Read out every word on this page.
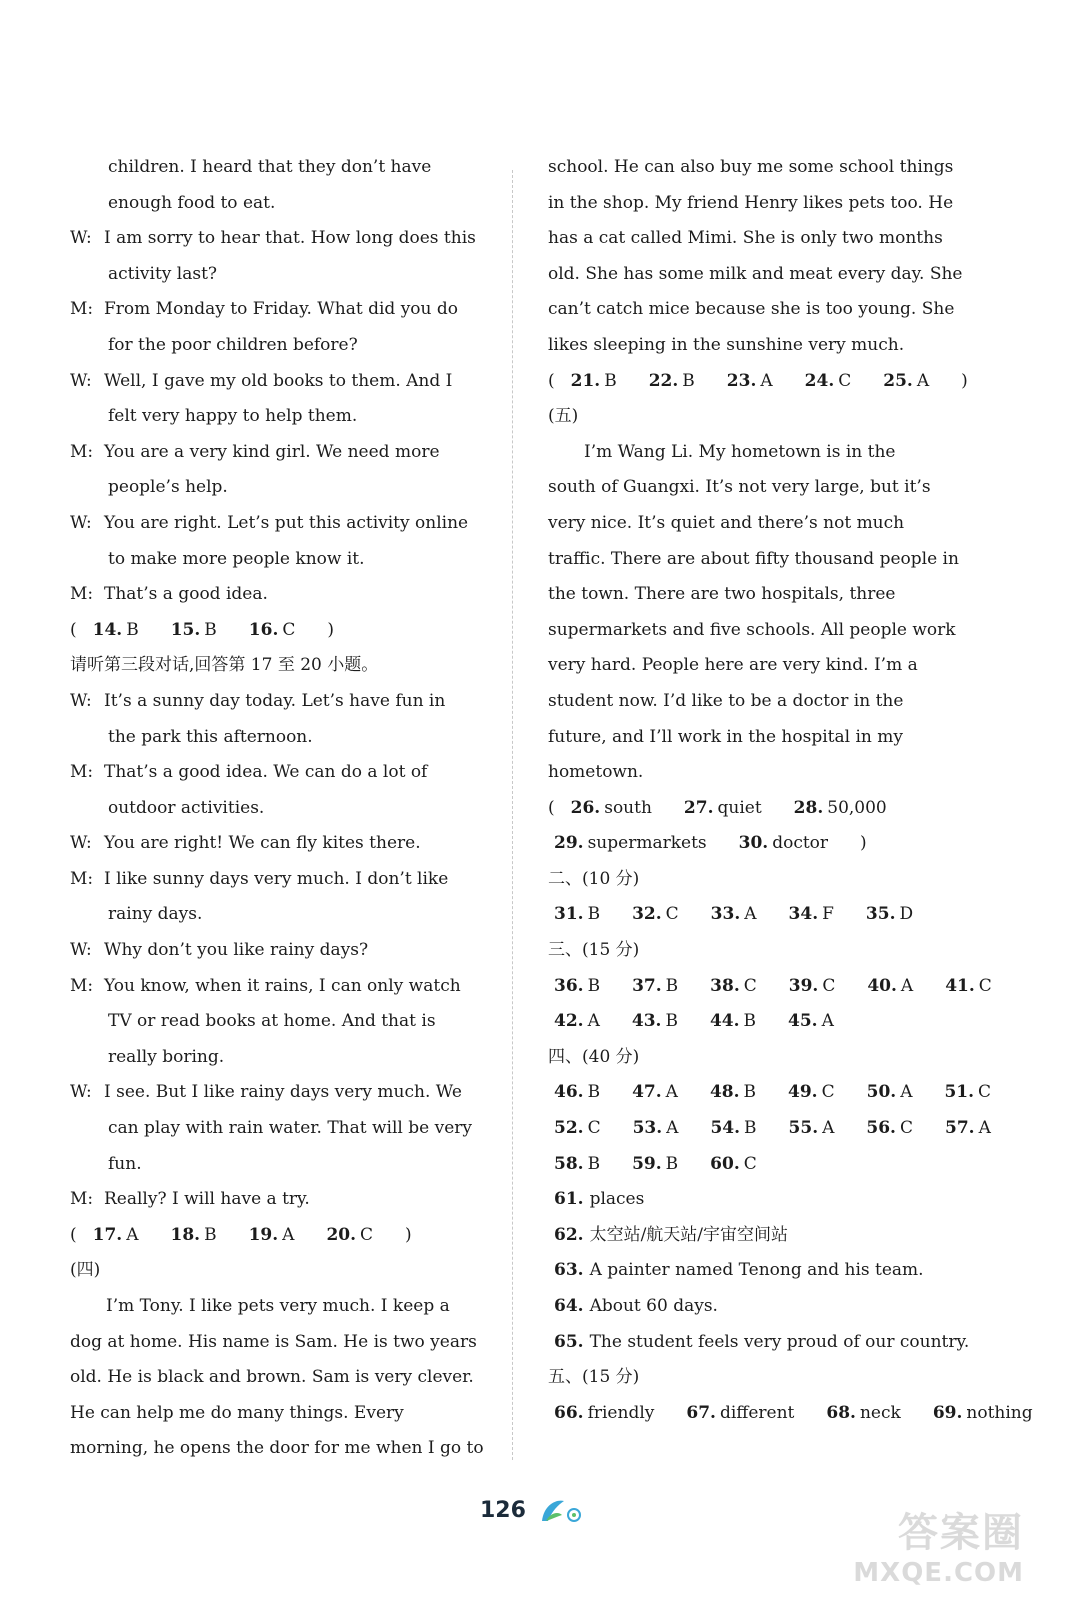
children. I heard that they don’t have
enough food to eat.
W: I am sorry to hear that. How long does this
activity last?
M: From Monday to Friday. What did you do
for the poor children before?
W: Well, I gave my old books to them. And I
felt very happy to help them.
M: You are a very kind girl. We need more
people’s help.
W: You are right. Let’s put this activity online
to make more people know it.
M: That’s a good idea.
( 14. B 15. B 16. C )
请听第三段对话,回答第 17 至 20 小题。
W: It’s a sunny day today. Let’s have fun in
the park this afternoon.
M: That’s a good idea. We can do a lot of
outdoor activities.
W: You are right! We can fly kites there.
M: I like sunny days very much. I don’t like
rainy days.
W: Why don’t you like rainy days?
M: You know, when it rains, I can only watch
TV or read books at home. And that is
really boring.
W: I see. But I like rainy days very much. We
can play with rain water. That will be very
fun.
M: Really? I will have a try.
( 17. A 18. B 19. A 20. C )
(四)
I’m Tony. I like pets very much. I keep a
dog at home. His name is Sam. He is two years
old. He is black and brown. Sam is very clever.
He can help me do many things. Every
morning, he opens the door for me when I go to
school. He can also buy me some school things
in the shop. My friend Henry likes pets too. He
has a cat called Mimi. She is only two months
old. She has some milk and meat every day. She
can’t catch mice because she is too young. She
likes sleeping in the sunshine very much.
( 21. B 22. B 23. A 24. C 25. A )
(五)
I’m Wang Li. My hometown is in the
south of Guangxi. It’s not very large, but it’s
very nice. It’s quiet and there’s not much
traffic. There are about fifty thousand people in
the town. There are two hospitals, three
supermarkets and five schools. All people work
very hard. People here are very kind. I’m a
student now. I’d like to be a doctor in the
future, and I’ll work in the hospital in my
hometown.
( 26. south 27. quiet 28. 50,000
29. supermarkets 30. doctor )
二、(10 分)
31. B 32. C 33. A 34. F 35. D
三、(15 分)
36. B 37. B 38. C 39. C 40. A 41. C
42. A 43. B 44. B 45. A
四、(40 分)
46. B 47. A 48. B 49. C 50. A 51. C
52. C 53. A 54. B 55. A 56. C 57. A
58. B 59. B 60. C
61. places
62. 太空站/航天站/宇宙空间站
63. A painter named Tenong and his team.
64. About 60 days.
65. The student feels very proud of our country.
五、(15 分)
66. friendly 67. different 68. neck 69. nothing
126	答案圈
MXQE.COM
